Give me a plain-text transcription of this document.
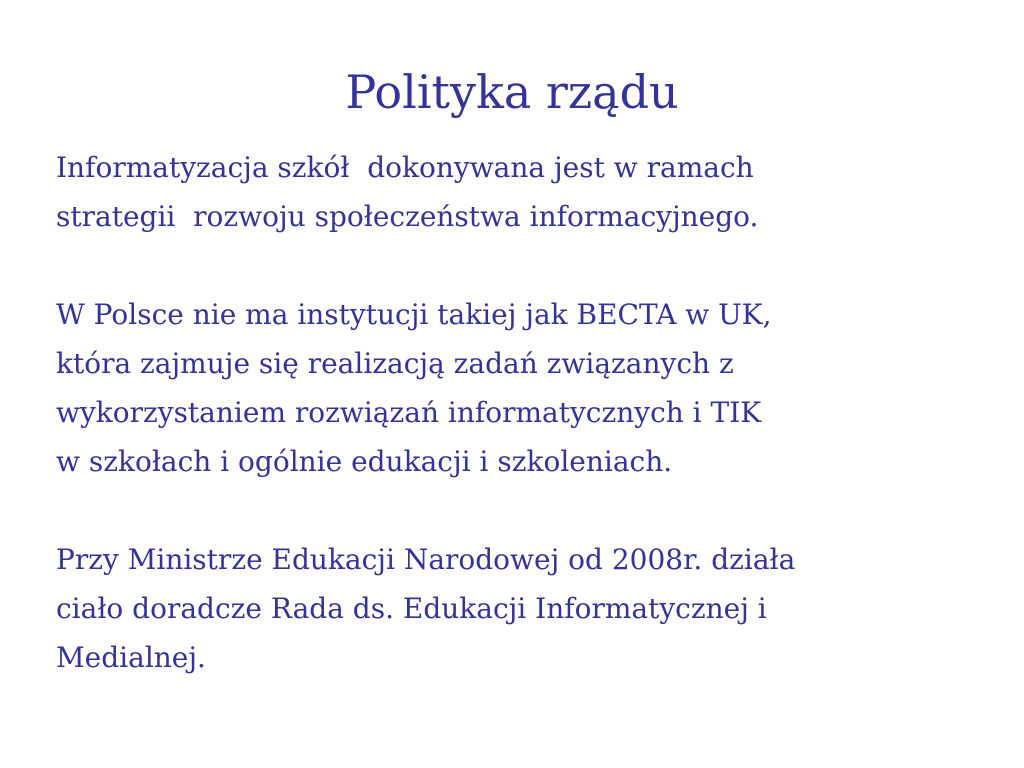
Polityka rządu

Informatyzacja szkół  dokonywana jest w ramach
strategii  rozwoju społeczeństwa informacyjnego.

W Polsce nie ma instytucji takiej jak BECTA w UK,
która zajmuje się realizacją zadań związanych z
wykorzystaniem rozwiązań informatycznych i TIK
w szkołach i ogólnie edukacji i szkoleniach.

Przy Ministrze Edukacji Narodowej od 2008r. działa
ciało doradcze Rada ds. Edukacji Informatycznej i
Medialnej.
